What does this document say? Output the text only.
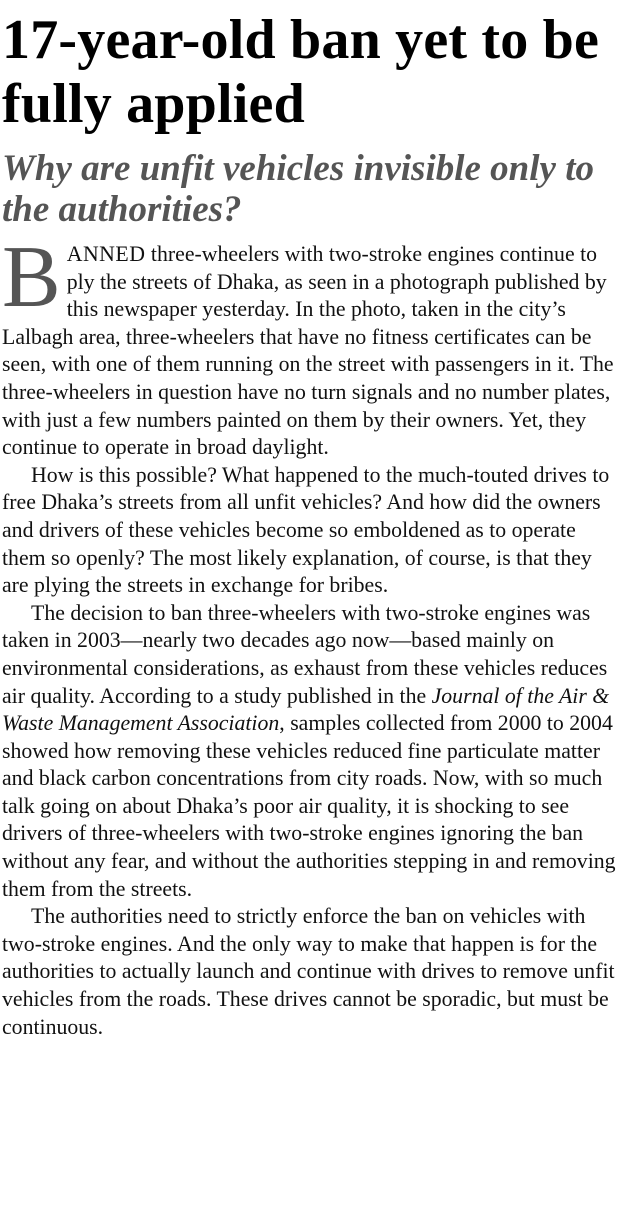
17-year-old ban yet to be fully applied
Why are unfit vehicles invisible only to the authorities?

BANNED three-wheelers with two-stroke engines continue to ply the streets of Dhaka, as seen in a photograph published by this newspaper yesterday. In the photo, taken in the city’s Lalbagh area, three-wheelers that have no fitness certificates can be seen, with one of them running on the street with passengers in it. The three-wheelers in question have no turn signals and no number plates, with just a few numbers painted on them by their owners. Yet, they continue to operate in broad daylight.

How is this possible? What happened to the much-touted drives to free Dhaka’s streets from all unfit vehicles? And how did the owners and drivers of these vehicles become so emboldened as to operate them so openly? The most likely explanation, of course, is that they are plying the streets in exchange for bribes.

The decision to ban three-wheelers with two-stroke engines was taken in 2003—nearly two decades ago now—based mainly on environmental considerations, as exhaust from these vehicles reduces air quality. According to a study published in the Journal of the Air & Waste Management Association, samples collected from 2000 to 2004 showed how removing these vehicles reduced fine particulate matter and black carbon concentrations from city roads. Now, with so much talk going on about Dhaka’s poor air quality, it is shocking to see drivers of three-wheelers with two-stroke engines ignoring the ban without any fear, and without the authorities stepping in and removing them from the streets.

The authorities need to strictly enforce the ban on vehicles with two-stroke engines. And the only way to make that happen is for the authorities to actually launch and continue with drives to remove unfit vehicles from the roads. These drives cannot be sporadic, but must be continuous.
